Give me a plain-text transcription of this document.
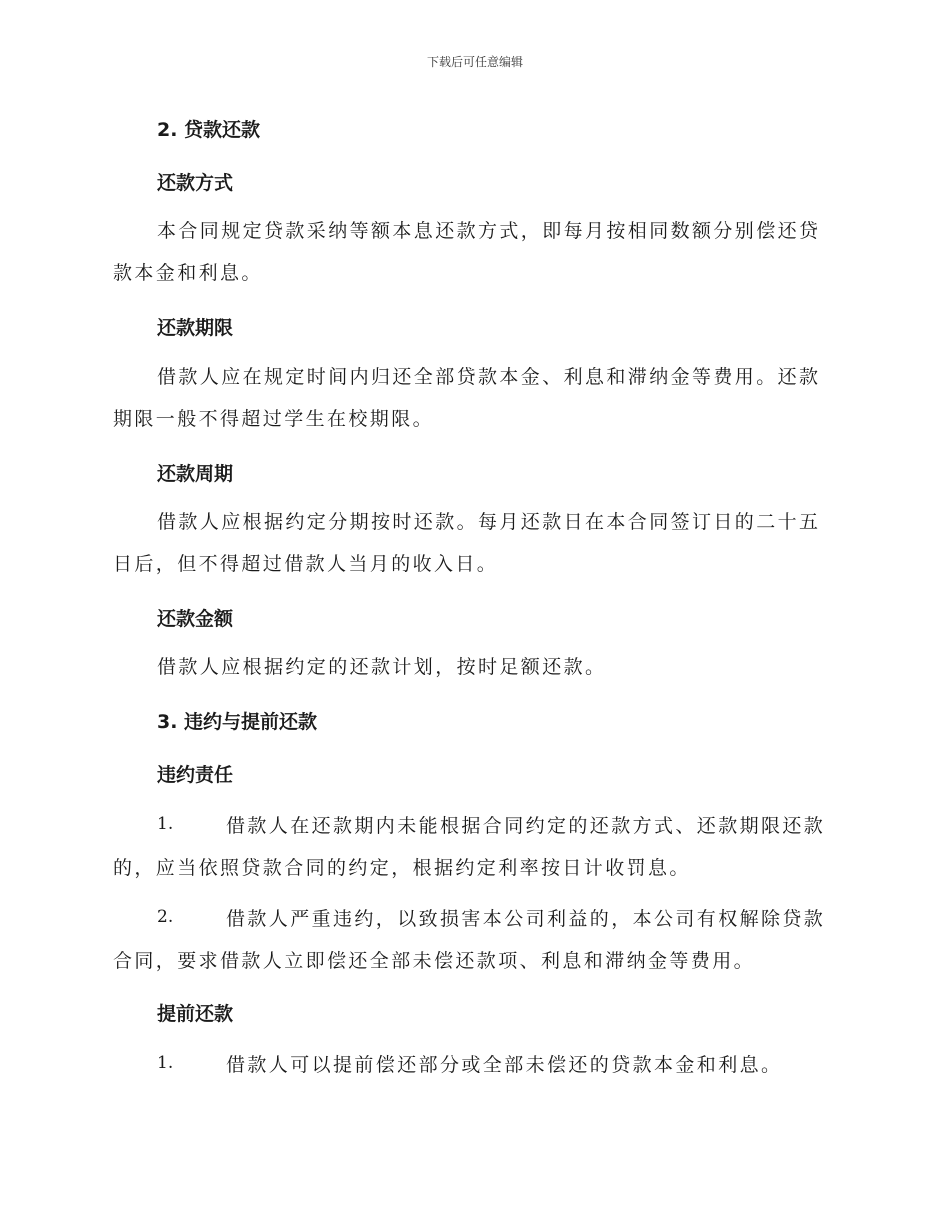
下载后可任意编辑
2. 贷款还款
还款方式
本合同规定贷款采纳等额本息还款方式，即每月按相同数额分别偿还贷
款本金和利息。
还款期限
借款人应在规定时间内归还全部贷款本金、利息和滞纳金等费用。还款
期限一般不得超过学生在校期限。
还款周期
借款人应根据约定分期按时还款。每月还款日在本合同签订日的二十五
日后，但不得超过借款人当月的收入日。
还款金额
借款人应根据约定的还款计划，按时足额还款。
3. 违约与提前还款
违约责任
1.	借款人在还款期内未能根据合同约定的还款方式、还款期限还款
的，应当依照贷款合同的约定，根据约定利率按日计收罚息。
2.	借款人严重违约，以致损害本公司利益的，本公司有权解除贷款
合同，要求借款人立即偿还全部未偿还款项、利息和滞纳金等费用。
提前还款
1.	借款人可以提前偿还部分或全部未偿还的贷款本金和利息。
